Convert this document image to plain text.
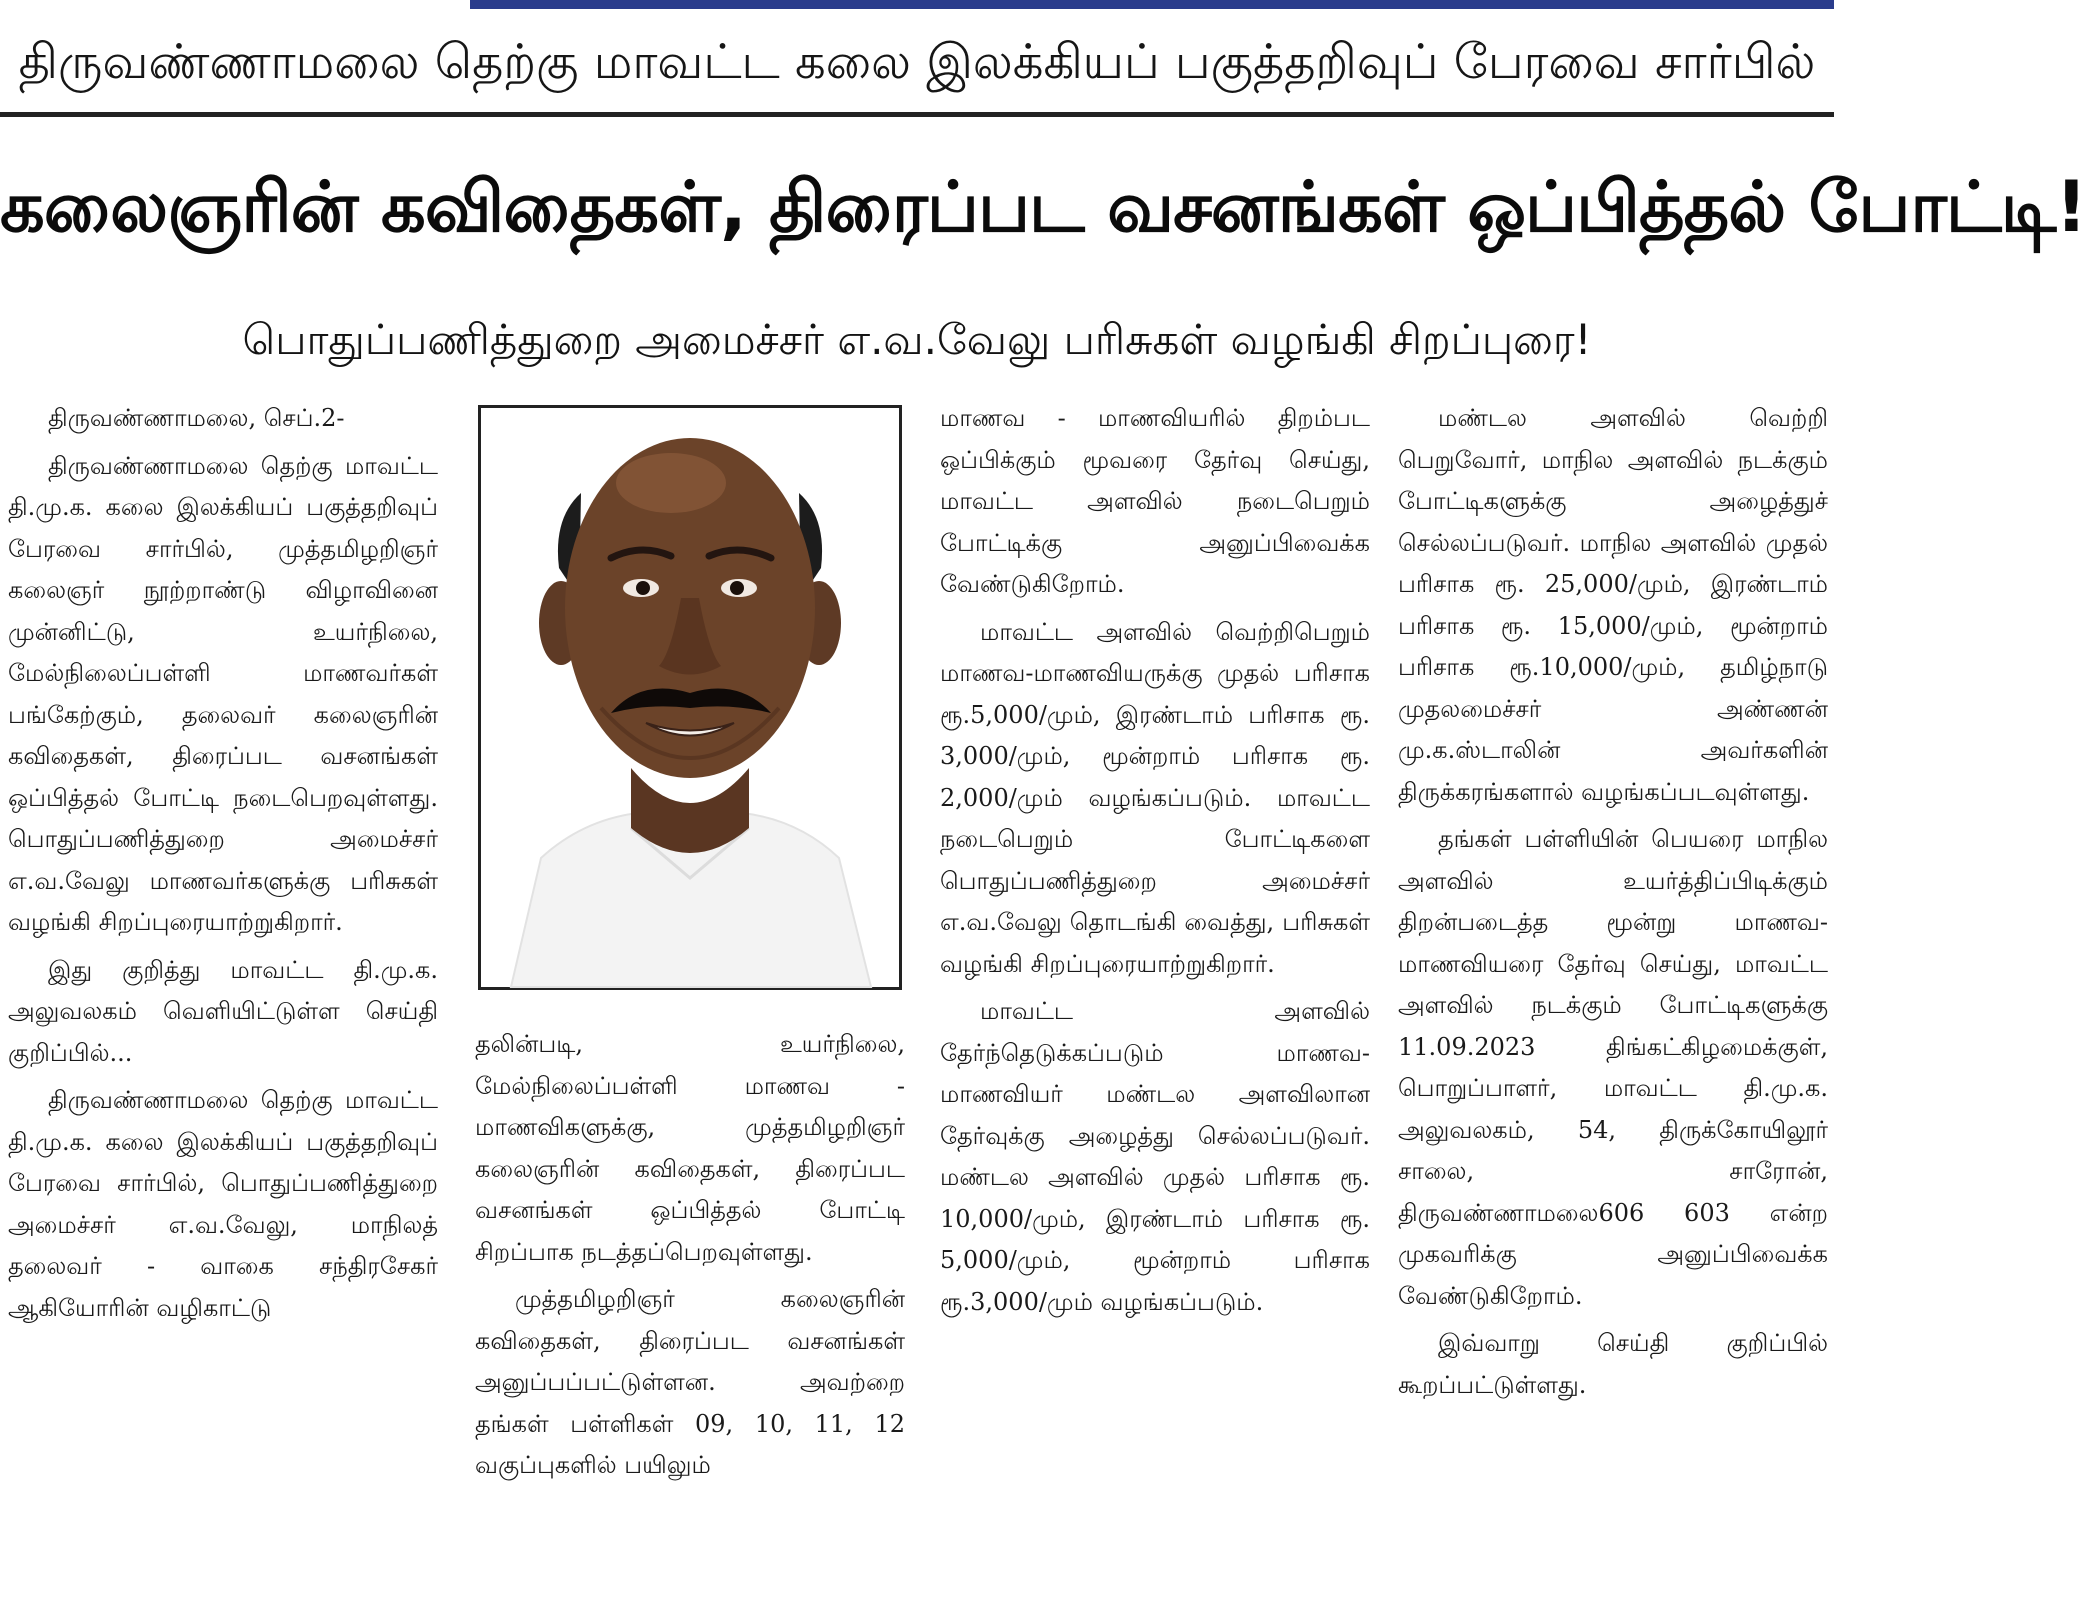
திருவண்ணாமலை தெற்கு மாவட்ட கலை இலக்கியப் பகுத்தறிவுப் பேரவை சார்பில்
கலைஞரின் கவிதைகள், திரைப்பட வசனங்கள் ஒப்பித்தல் போட்டி!
பொதுப்பணித்துறை அமைச்சர் எ.வ.வேலு பரிசுகள் வழங்கி சிறப்புரை!

திருவண்ணாமலை, செப்.2-

திருவண்ணாமலை தெற்கு மாவட்ட தி.மு.க. கலை இலக்கியப் பகுத்தறிவுப் பேரவை சார்பில், முத்தமிழறிஞர் கலைஞர் நூற்றாண்டு விழாவினை முன்னிட்டு, உயர்நிலை, மேல்நிலைப்பள்ளி மாணவர்கள் பங்கேற்கும், தலைவர் கலைஞரின் கவிதைகள், திரைப்பட வசனங்கள் ஒப்பித்தல் போட்டி நடைபெறவுள்ளது. பொதுப்பணித்துறை அமைச்சர் எ.வ.வேலு மாணவர்களுக்கு பரிசுகள் வழங்கி சிறப்புரையாற்றுகிறார்.

இது குறித்து மாவட்ட தி.மு.க. அலுவலகம் வெளியிட்டுள்ள செய்தி குறிப்பில்...

திருவண்ணாமலை தெற்கு மாவட்ட தி.மு.க. கலை இலக்கியப் பகுத்தறிவுப் பேரவை சார்பில், பொதுப்பணித்துறை அமைச்சர் எ.வ.வேலு, மாநிலத் தலைவர் - வாகை சந்திரசேகர் ஆகியோரின் வழிகாட்டு

தலின்படி, உயர்நிலை, மேல்நிலைப்பள்ளி மாணவ - மாணவிகளுக்கு, முத்தமிழறிஞர் கலைஞரின் கவிதைகள், திரைப்பட வசனங்கள் ஒப்பித்தல் போட்டி சிறப்பாக நடத்தப்பெறவுள்ளது.

முத்தமிழறிஞர் கலைஞரின் கவிதைகள், திரைப்பட வசனங்கள் அனுப்பப்பட்டுள்ளன. அவற்றை தங்கள் பள்ளிகள் 09, 10, 11, 12 வகுப்புகளில் பயிலும்

மாணவ - மாணவியரில் திறம்பட ஒப்பிக்கும் மூவரை தேர்வு செய்து, மாவட்ட அளவில் நடைபெறும் போட்டிக்கு அனுப்பிவைக்க வேண்டுகிறோம்.

மாவட்ட அளவில் வெற்றிபெறும் மாணவ-மாணவியருக்கு முதல் பரிசாக ரூ.5,000/மும், இரண்டாம் பரிசாக ரூ. 3,000/மும், மூன்றாம் பரிசாக ரூ. 2,000/மும் வழங்கப்படும். மாவட்ட நடைபெறும் போட்டிகளை பொதுப்பணித்துறை அமைச்சர் எ.வ.வேலு தொடங்கி வைத்து, பரிசுகள் வழங்கி சிறப்புரையாற்றுகிறார்.

மாவட்ட அளவில் தேர்ந்தெடுக்கப்படும் மாணவ-மாணவியர் மண்டல அளவிலான தேர்வுக்கு அழைத்து செல்லப்படுவர். மண்டல அளவில் முதல் பரிசாக ரூ. 10,000/மும், இரண்டாம் பரிசாக ரூ. 5,000/மும், மூன்றாம் பரிசாக ரூ.3,000/மும் வழங்கப்படும்.

மண்டல அளவில் வெற்றி பெறுவோர், மாநில அளவில் நடக்கும் போட்டிகளுக்கு அழைத்துச் செல்லப்படுவர். மாநில அளவில் முதல் பரிசாக ரூ. 25,000/மும், இரண்டாம் பரிசாக ரூ. 15,000/மும், மூன்றாம் பரிசாக ரூ.10,000/மும், தமிழ்நாடு முதலமைச்சர் அண்ணன் மு.க.ஸ்டாலின் அவர்களின் திருக்கரங்களால் வழங்கப்படவுள்ளது.

தங்கள் பள்ளியின் பெயரை மாநில அளவில் உயர்த்திப்பிடிக்கும் திறன்படைத்த மூன்று மாணவ-மாணவியரை தேர்வு செய்து, மாவட்ட அளவில் நடக்கும் போட்டிகளுக்கு 11.09.2023 திங்கட்கிழமைக்குள், பொறுப்பாளர், மாவட்ட தி.மு.க. அலுவலகம், 54, திருக்கோயிலூர் சாலை, சாரோன், திருவண்ணாமலை606 603 என்ற முகவரிக்கு அனுப்பிவைக்க வேண்டுகிறோம்.

இவ்வாறு செய்தி குறிப்பில் கூறப்பட்டுள்ளது.
